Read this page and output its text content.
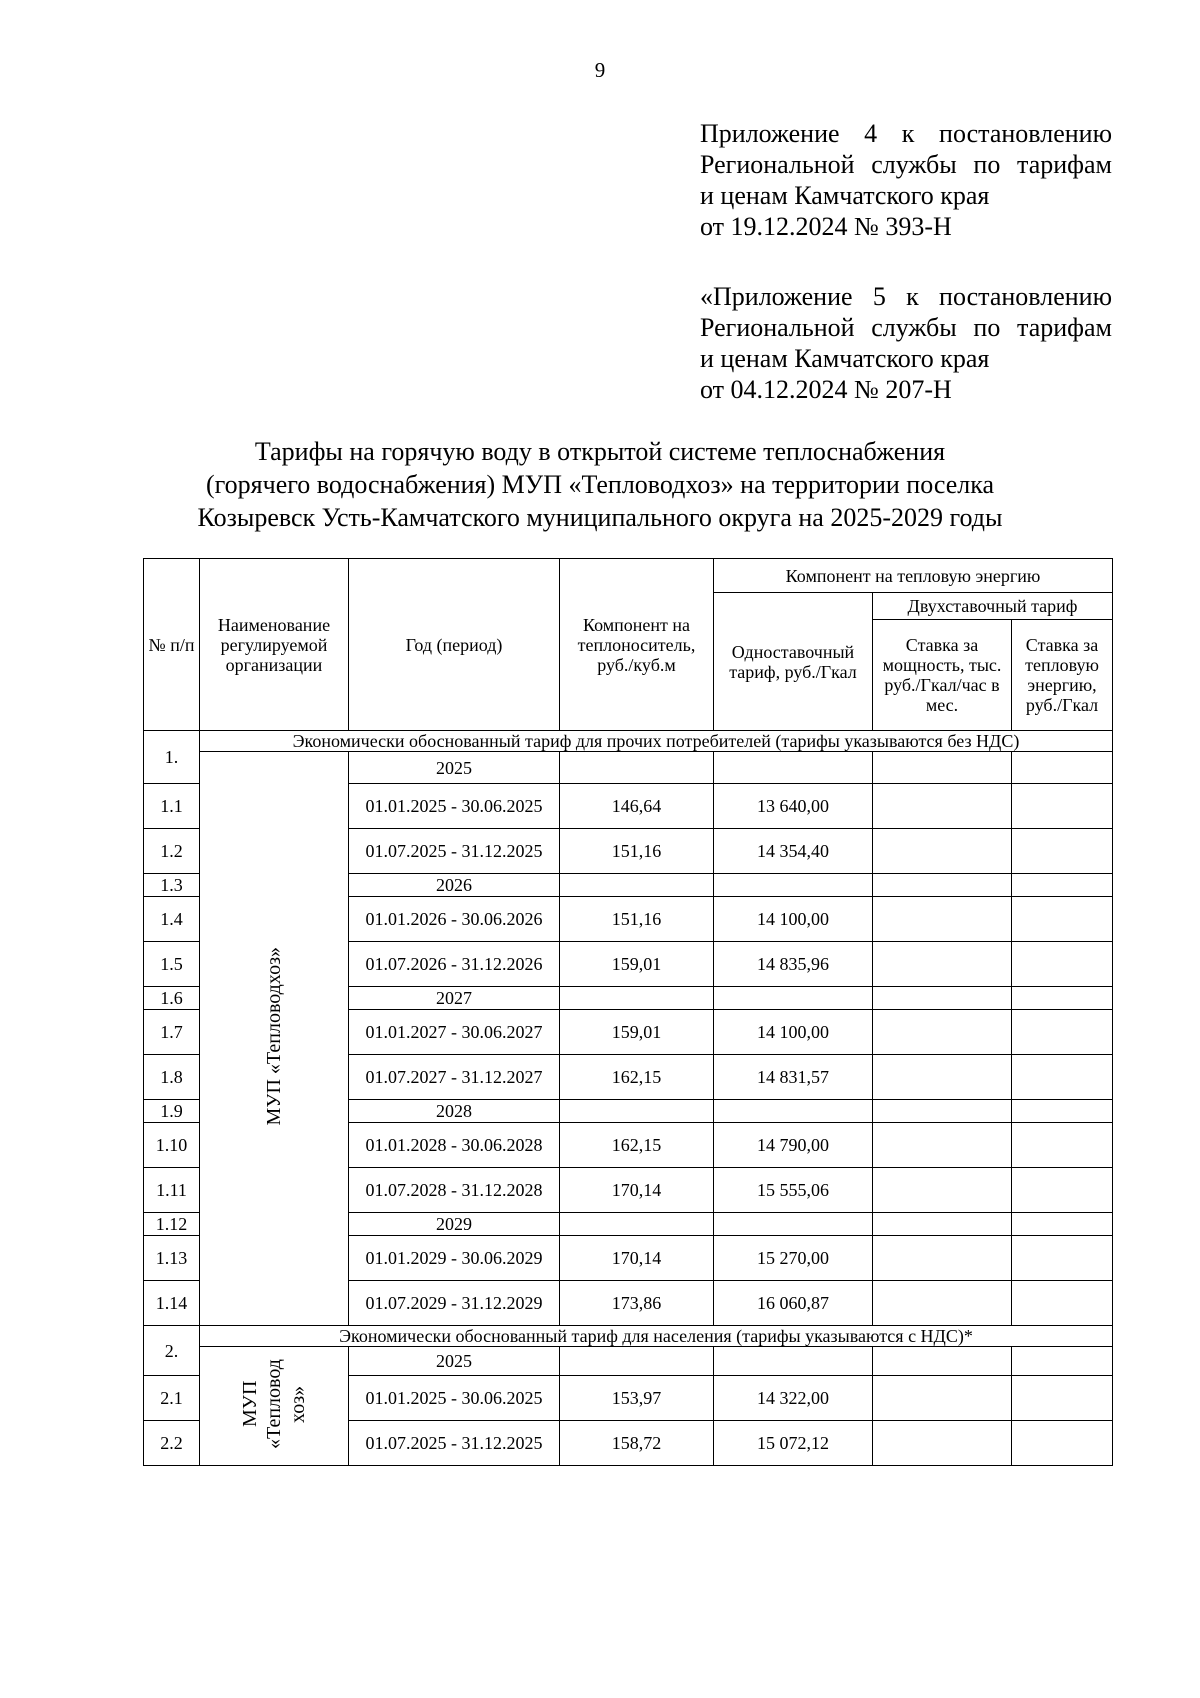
9
Приложение 4 к постановлению
Региональной службы по тарифам
и ценам Камчатского края
от 19.12.2024 № 393-Н
«Приложение 5 к постановлению
Региональной службы по тарифам
и ценам Камчатского края
от 04.12.2024 № 207-Н
Тарифы на горячую воду в открытой системе теплоснабжения
(горячего водоснабжения) МУП «Тепловодхоз» на территории поселка
Козыревск Усть-Камчатского муниципального округа на 2025-2029 годы
№ п/п	Наименование регулируемой организации	Год (период)	Компонент на теплоноситель, руб./куб.м	Компонент на тепловую энергию		
				Одноставочный тариф, руб./Гкал	Двухставочный тариф	
					Ставка за мощность, тыс. руб./Гкал/час в мес.	Ставка за тепловую энергию, руб./Гкал
1.	Экономически обоснованный тариф для прочих потребителей (тарифы указываются без НДС)					
	МУП «Тепловодхоз»	2025				
1.1		01.01.2025 - 30.06.2025	146,64	13 640,00		
1.2		01.07.2025 - 31.12.2025	151,16	14 354,40		
1.3		2026				
1.4		01.01.2026 - 30.06.2026	151,16	14 100,00		
1.5		01.07.2026 - 31.12.2026	159,01	14 835,96		
1.6		2027				
1.7		01.01.2027 - 30.06.2027	159,01	14 100,00		
1.8		01.07.2027 - 31.12.2027	162,15	14 831,57		
1.9		2028				
1.10		01.01.2028 - 30.06.2028	162,15	14 790,00		
1.11		01.07.2028 - 31.12.2028	170,14	15 555,06		
1.12		2029				
1.13		01.01.2029 - 30.06.2029	170,14	15 270,00		
1.14		01.07.2029 - 31.12.2029	173,86	16 060,87		
2.	Экономически обоснованный тариф для населения (тарифы указываются с НДС)*					
	МУП «Тепловод хоз»	2025				
2.1		01.01.2025 - 30.06.2025	153,97	14 322,00		
2.2		01.07.2025 - 31.12.2025	158,72	15 072,12		
